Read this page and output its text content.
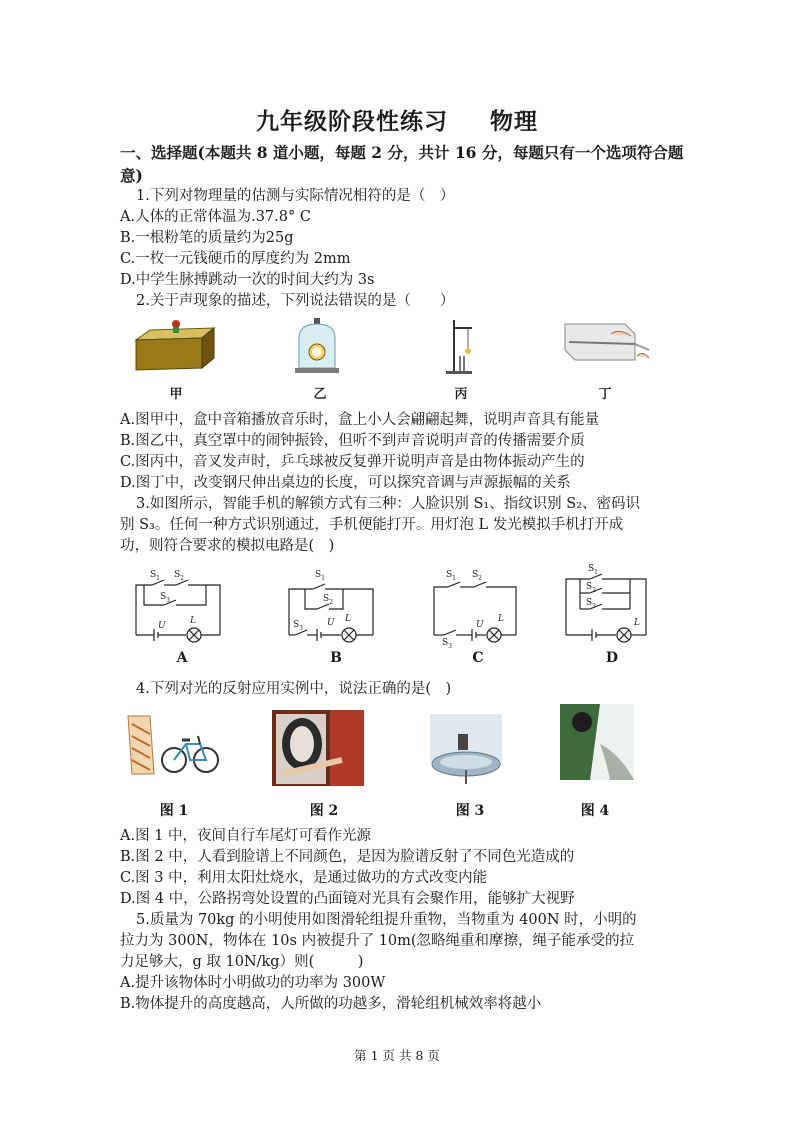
九年级阶段性练习 物理
一、选择题(本题共 8 道小题，每题 2 分，共计 16 分，每题只有一个选项符合题意)
1.下列对物理量的估测与实际情况相符的是（　）
A.人体的正常体温为.37.8° C
B.一根粉笔的质量约为25g
C.一枚一元钱硬币的厚度约为 2mm
D.中学生脉搏跳动一次的时间大约为 3s
2.关于声现象的描述，下列说法错误的是（　　）
甲	乙	丙	丁
A.图甲中，盒中音箱播放音乐时，盒上小人会翩翩起舞，说明声音具有能量
B.图乙中，真空罩中的闹钟振铃，但听不到声音说明声音的传播需要介质
C.图丙中，音叉发声时，乒乓球被反复弹开说明声音是由物体振动产生的
D.图丁中，改变钢尺伸出桌边的长度，可以探究音调与声源振幅的关系
3.如图所示，智能手机的解锁方式有三种：人脸识别 S₁、指纹识别 S₂、密码识
别 S₃。任何一种方式识别通过，手机便能打开。用灯泡 L 发光模拟手机打开成
功，则符合要求的模拟电路是(　)
$S_1$ $S_2$
$S_3$
U	L
$S_1$
$S_2$
$S_3$
U L
$S_1$ $S_2$
$S_3$
U
L
$S_1$
$S_2$
$S_3$
L
A	B	C	D
4.下列对光的反射应用实例中，说法正确的是(　)
图 1	图 2	图 3	图 4
A.图 1 中，夜间自行车尾灯可看作光源
B.图 2 中，人看到脸谱上不同颜色，是因为脸谱反射了不同色光造成的
C.图 3 中，利用太阳灶烧水，是通过做功的方式改变内能
D.图 4 中，公路拐弯处设置的凸面镜对光具有会聚作用，能够扩大视野
5.质量为 70kg 的小明使用如图滑轮组提升重物，当物重为 400N 时，小明的
拉力为 300N，物体在 10s 内被提升了 10m(忽略绳重和摩擦，绳子能承受的拉
力足够大，g 取 10N/kg）则(　　　)
A.提升该物体时小明做功的功率为 300W
B.物体提升的高度越高，人所做的功越多，滑轮组机械效率将越小
第 1 页 共 8 页
